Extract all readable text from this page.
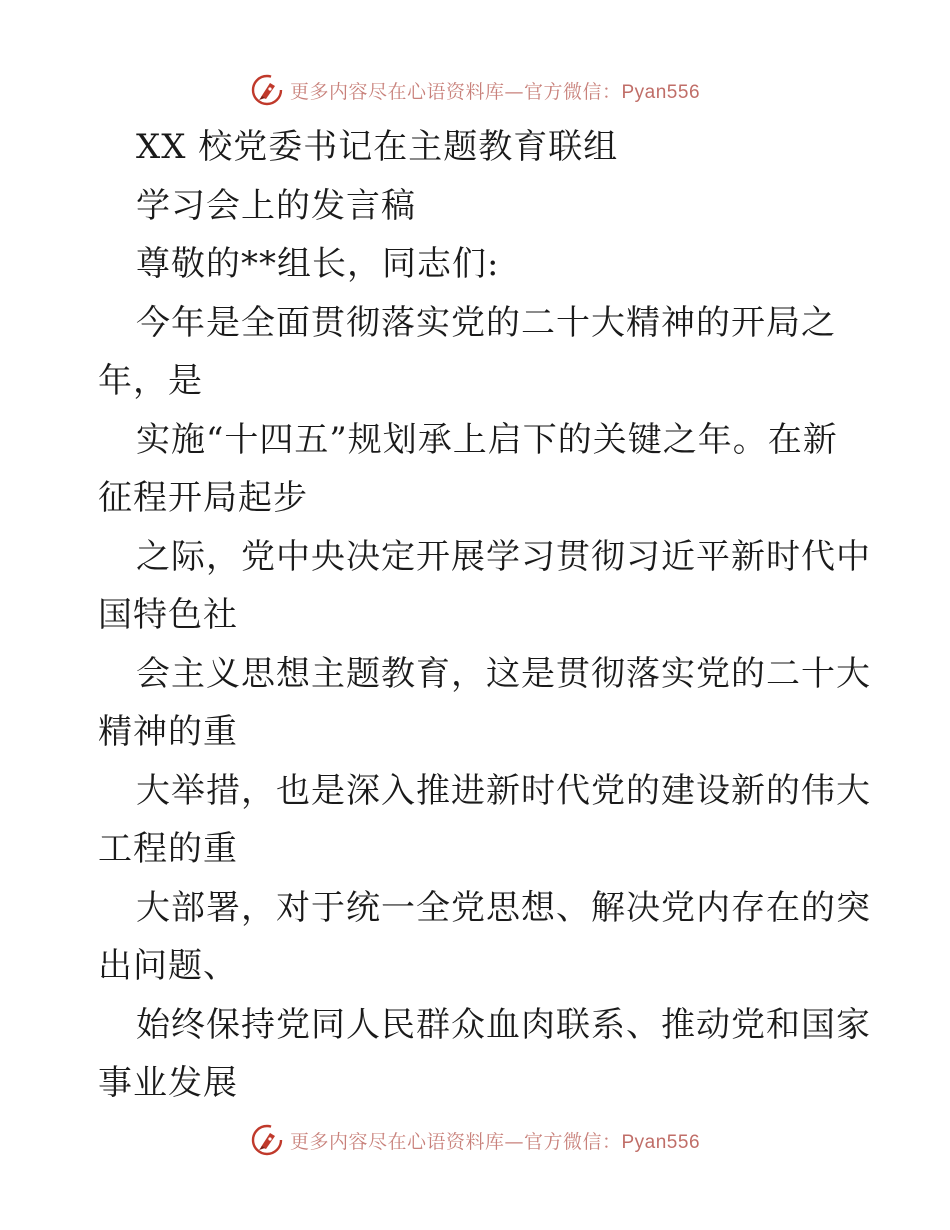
更多内容尽在心语资料库—官方微信：Pyan556
XX 校党委书记在主题教育联组
学习会上的发言稿
尊敬的**组长，同志们:
今年是全面贯彻落实党的二十大精神的开局之
年，是
实施“十四五”规划承上启下的关键之年。在新
征程开局起步
之际，党中央决定开展学习贯彻习近平新时代中
国特色社
会主义思想主题教育，这是贯彻落实党的二十大
精神的重
大举措，也是深入推进新时代党的建设新的伟大
工程的重
大部署，对于统一全党思想、解决党内存在的突
出问题、
始终保持党同人民群众血肉联系、推动党和国家
事业发展
更多内容尽在心语资料库—官方微信：Pyan556
